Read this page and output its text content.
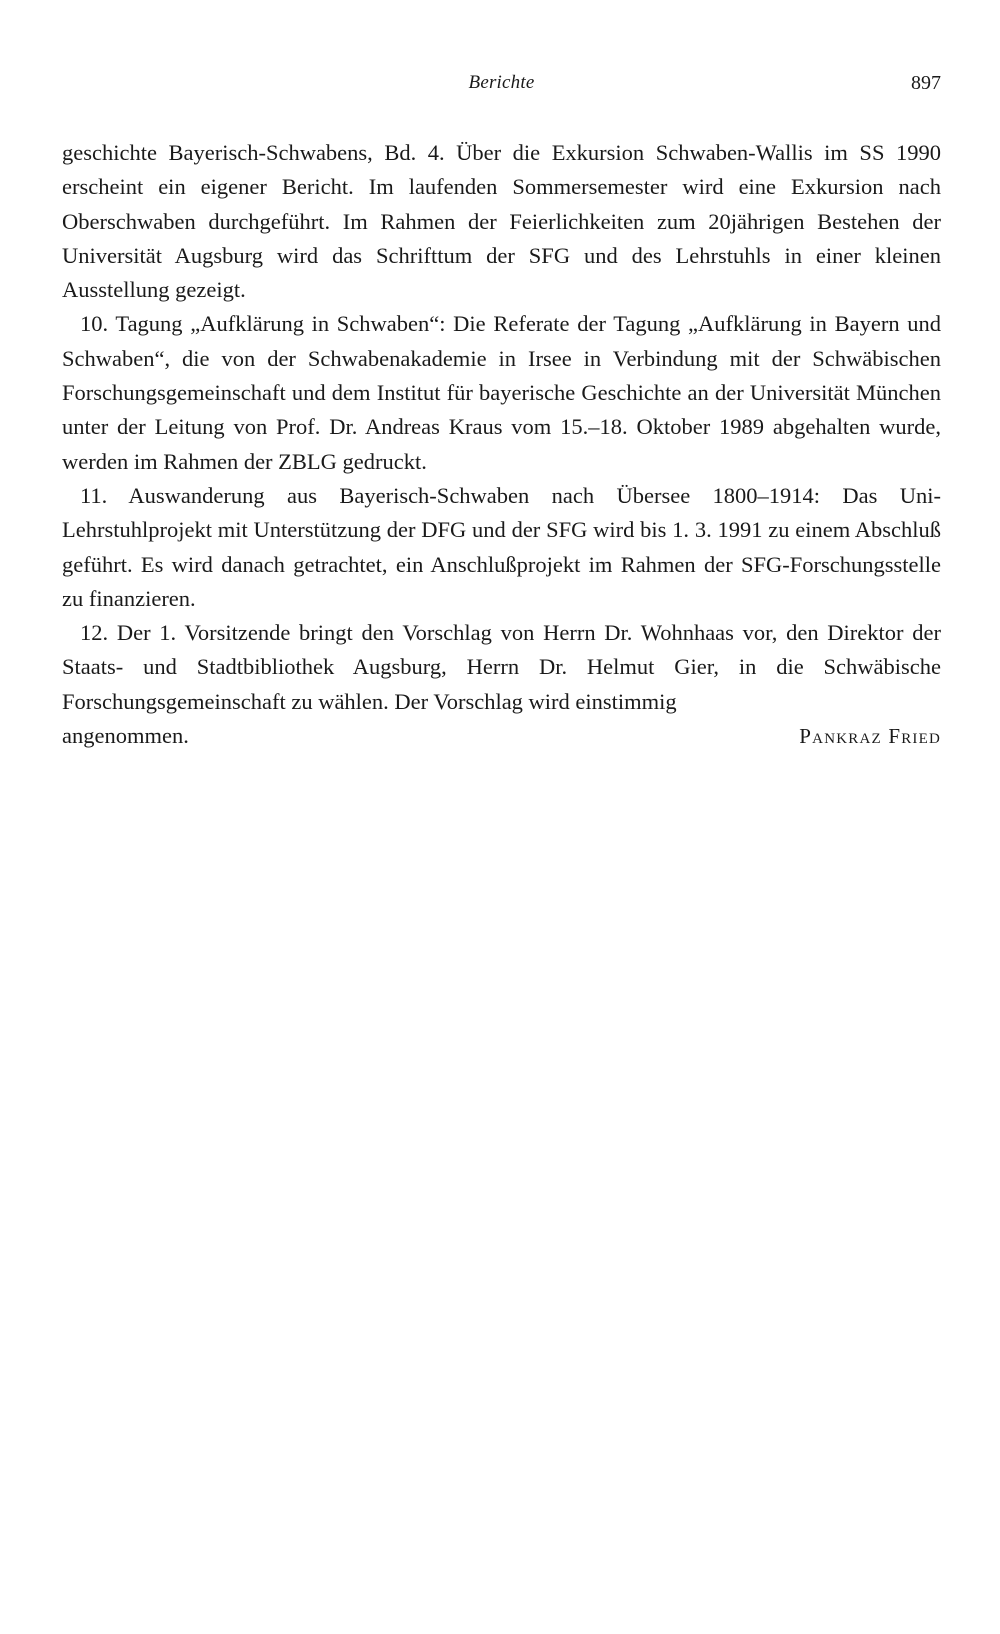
Berichte	897

geschichte Bayerisch-Schwabens, Bd. 4. Über die Exkursion Schwaben-Wallis im SS 1990 erscheint ein eigener Bericht. Im laufenden Sommersemester wird eine Exkursion nach Oberschwaben durchgeführt. Im Rahmen der Feierlichkeiten zum 20jährigen Bestehen der Universität Augsburg wird das Schrifttum der SFG und des Lehrstuhls in einer kleinen Ausstellung gezeigt.

10. Tagung „Aufklärung in Schwaben“: Die Referate der Tagung „Aufklärung in Bayern und Schwaben“, die von der Schwabenakademie in Irsee in Verbindung mit der Schwäbischen Forschungsgemeinschaft und dem Institut für bayerische Geschichte an der Universität München unter der Leitung von Prof. Dr. Andreas Kraus vom 15.–18. Oktober 1989 abgehalten wurde, werden im Rahmen der ZBLG gedruckt.

11. Auswanderung aus Bayerisch-Schwaben nach Übersee 1800–1914: Das Uni-Lehrstuhlprojekt mit Unterstützung der DFG und der SFG wird bis 1. 3. 1991 zu einem Abschluß geführt. Es wird danach getrachtet, ein Anschlußprojekt im Rahmen der SFG-Forschungsstelle zu finanzieren.

12. Der 1. Vorsitzende bringt den Vorschlag von Herrn Dr. Wohnhaas vor, den Direktor der Staats- und Stadtbibliothek Augsburg, Herrn Dr. Helmut Gier, in die Schwäbische Forschungsgemeinschaft zu wählen. Der Vorschlag wird einstimmig

angenommen.	Pankraz Fried
